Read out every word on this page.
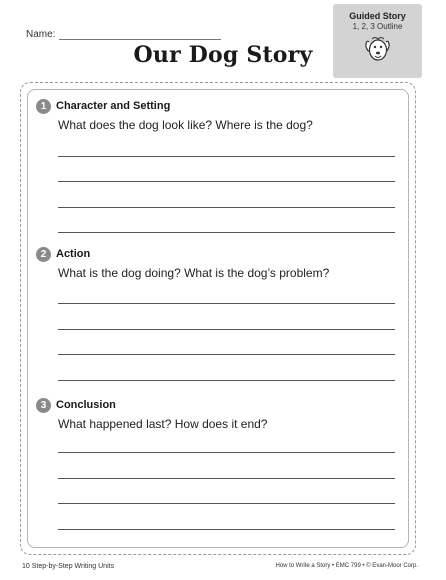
Name:
Guided Story
1, 2, 3 Outline
Our Dog Story
1 Character and Setting
What does the dog look like? Where is the dog?
2 Action
What is the dog doing? What is the dog’s problem?
3 Conclusion
What happened last? How does it end?
10 Step-by-Step Writing Units	How to Write a Story • EMC 799 • © Evan-Moor Corp.
